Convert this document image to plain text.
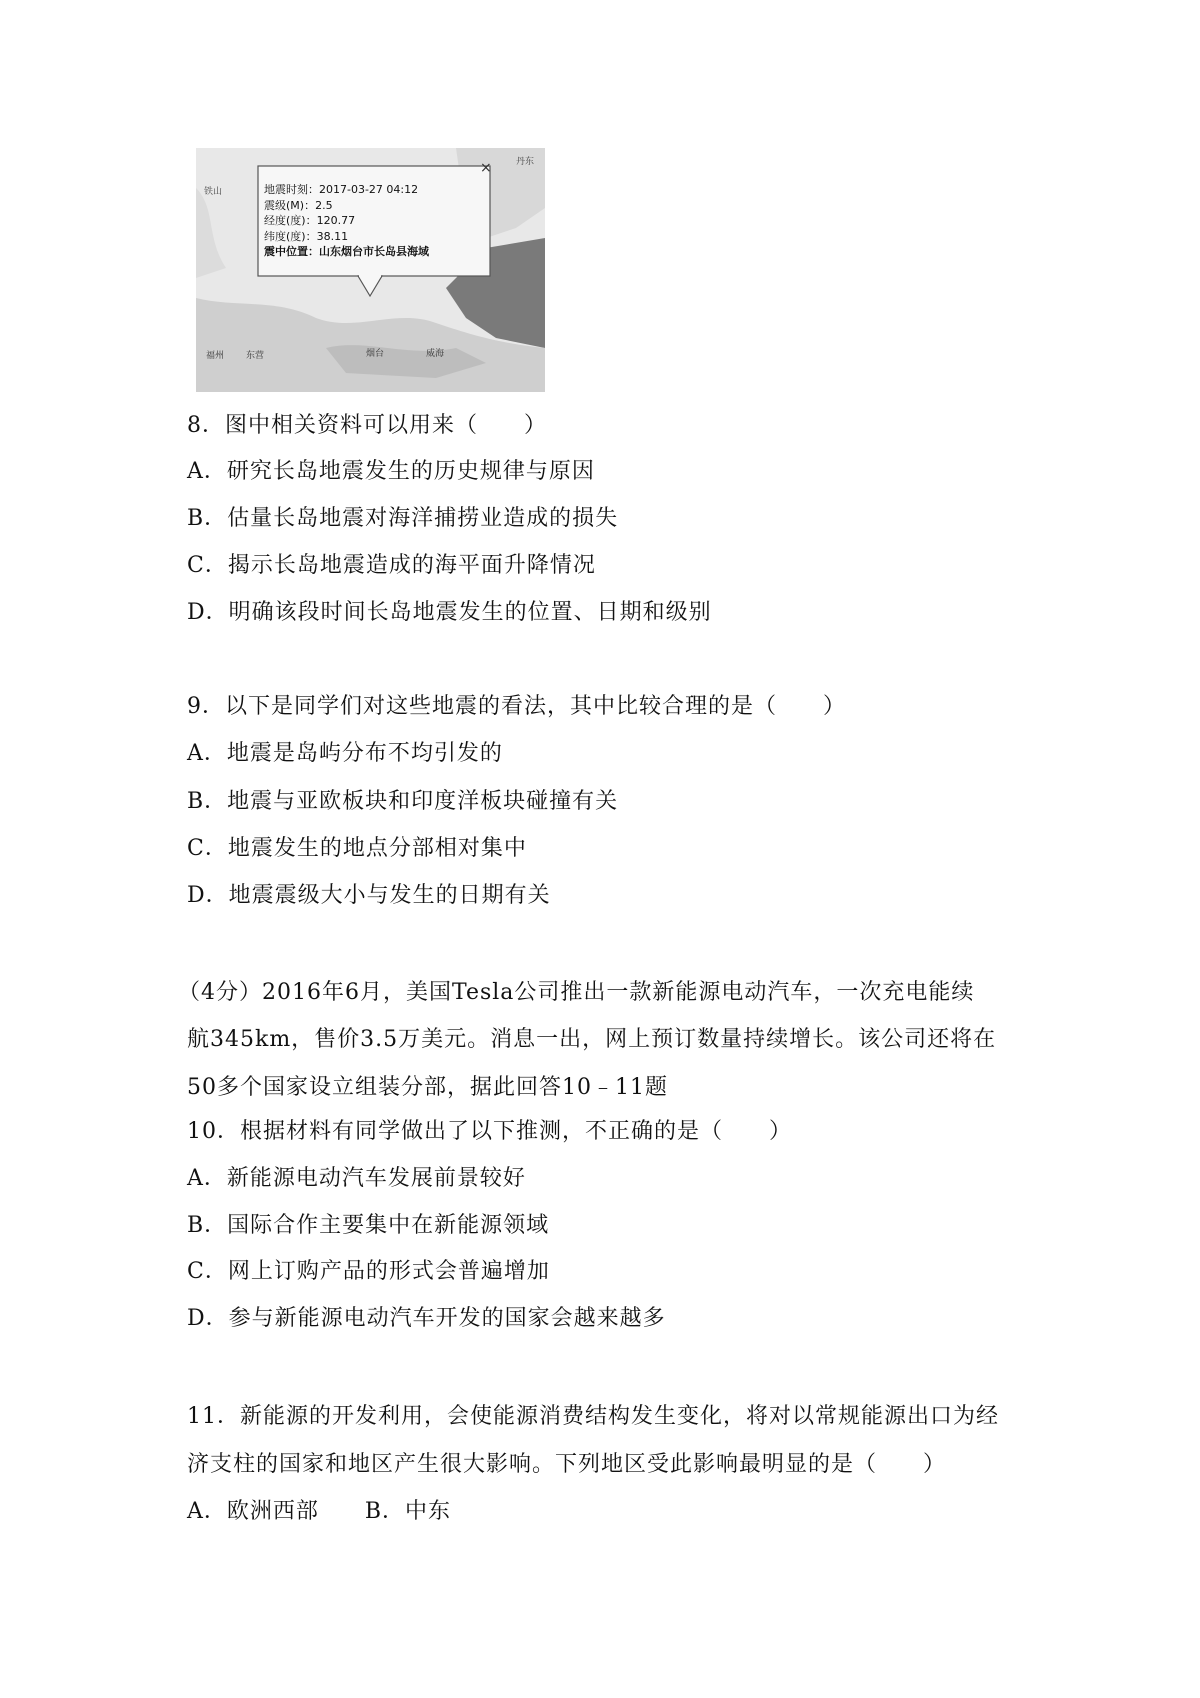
地震时刻：2017-03-27 04:12
震级(M)：2.5
经度(度)：120.77
纬度(度)：38.11
震中位置：山东烟台市长岛县海域
×	丹东
铁山
福州 东营	烟台	威海
8．图中相关资料可以用来（　　）
A．研究长岛地震发生的历史规律与原因
B．估量长岛地震对海洋捕捞业造成的损失
C．揭示长岛地震造成的海平面升降情况
D．明确该段时间长岛地震发生的位置、日期和级别
9．以下是同学们对这些地震的看法，其中比较合理的是（　　）
A．地震是岛屿分布不均引发的
B．地震与亚欧板块和印度洋板块碰撞有关
C．地震发生的地点分部相对集中
D．地震震级大小与发生的日期有关
（4分）2016年6月，美国Tesla公司推出一款新能源电动汽车，一次充电能续
航345km，售价3.5万美元。消息一出，网上预订数量持续增长。该公司还将在
50多个国家设立组装分部，据此回答10﹣11题
10．根据材料有同学做出了以下推测，不正确的是（　　）
A．新能源电动汽车发展前景较好
B．国际合作主要集中在新能源领域
C．网上订购产品的形式会普遍增加
D．参与新能源电动汽车开发的国家会越来越多
11．新能源的开发利用，会使能源消费结构发生变化，将对以常规能源出口为经
济支柱的国家和地区产生很大影响。下列地区受此影响最明显的是（　　）
A．欧洲西部　　B．中东
